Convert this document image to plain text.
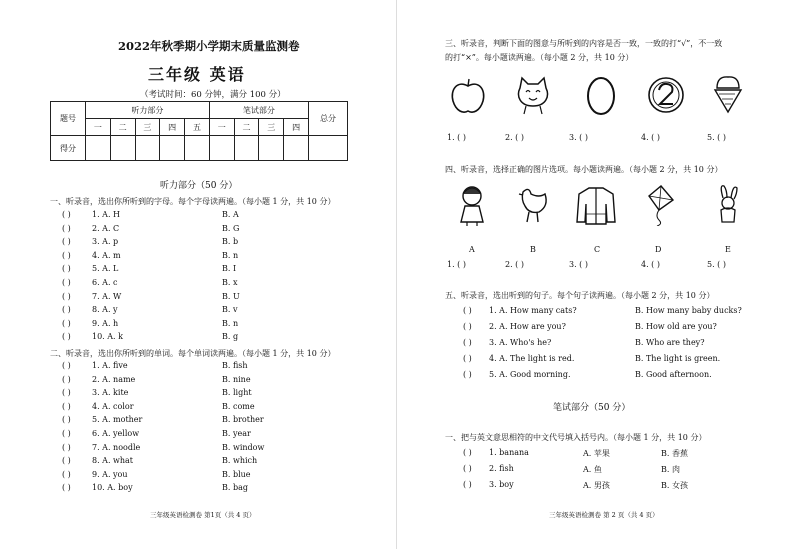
2022年秋季期小学期末质量监测卷
三年级 英语
（考试时间：60 分钟，满分 100 分）
题号	听力部分					笔试部分				总分
	一	二	三	四	五	一	二	三	四	
得分										
听力部分（50 分）
一、听录音，选出你所听到的字母。每个字母读两遍。（每小题 1 分，共 10 分）
二、听录音，选出你所听到的单词。每个单词读两遍。（每小题 1 分，共 10 分）
三年级英语检测卷 第1页（共 4 页）
( )	1. A. H	B. A
( )	2. A. C	B. G
( )	3. A. p	B. b
( )	4. A. m	B. n
( )	5. A. L	B. I
( )	6. A. c	B. x
( )	7. A. W	B. U
( )	8. A. y	B. v
( )	9. A. h	B. n
( )	10. A. k	B. g
( )	1. A. five	B. fish
( )	2. A. name	B. nine
( )	3. A. kite	B. light
( )	4. A. color	B. come
( )	5. A. mother	B. brother
( )	6. A. yellow	B. year
( )	7. A. noodle	B. window
( )	8. A. what	B. which
( )	9. A. you	B. blue
( )	10. A. boy	B. bag
三、听录音，判断下面的图意与所听到的内容是否一致，一致的打“√”，不一致
的打“×”。每小题读两遍。（每小题 2 分，共 10 分）
四、听录音，选择正确的图片选项。每小题读两遍。（每小题 2 分，共 10 分）
五、听录音，选出听到的句子。每个句子读两遍。（每小题 2 分，共 10 分）
笔试部分（50 分）
一、把与英文意思相符的中文代号填入括号内。（每小题 1 分，共 10 分）
三年级英语检测卷 第 2 页（共 4 页）
1. ( )	2. ( )	3. ( )	4. ( )	5. ( )
A	B	C	D	E
1. ( )	2. ( )	3. ( )	4. ( )	5. ( )
( ) 1. A. How many cats?	B. How many baby ducks?
( ) 2. A. How are you?	B. How old are you?
( ) 3. A. Who's he?	B. Who are they?
( ) 4. A. The light is red.	B. The light is green.
( ) 5. A. Good morning.	B. Good afternoon.
( ) 1. banana	A. 苹果	B. 香蕉
( ) 2. fish	A. 鱼	B. 肉
( ) 3. boy	A. 男孩	B. 女孩
